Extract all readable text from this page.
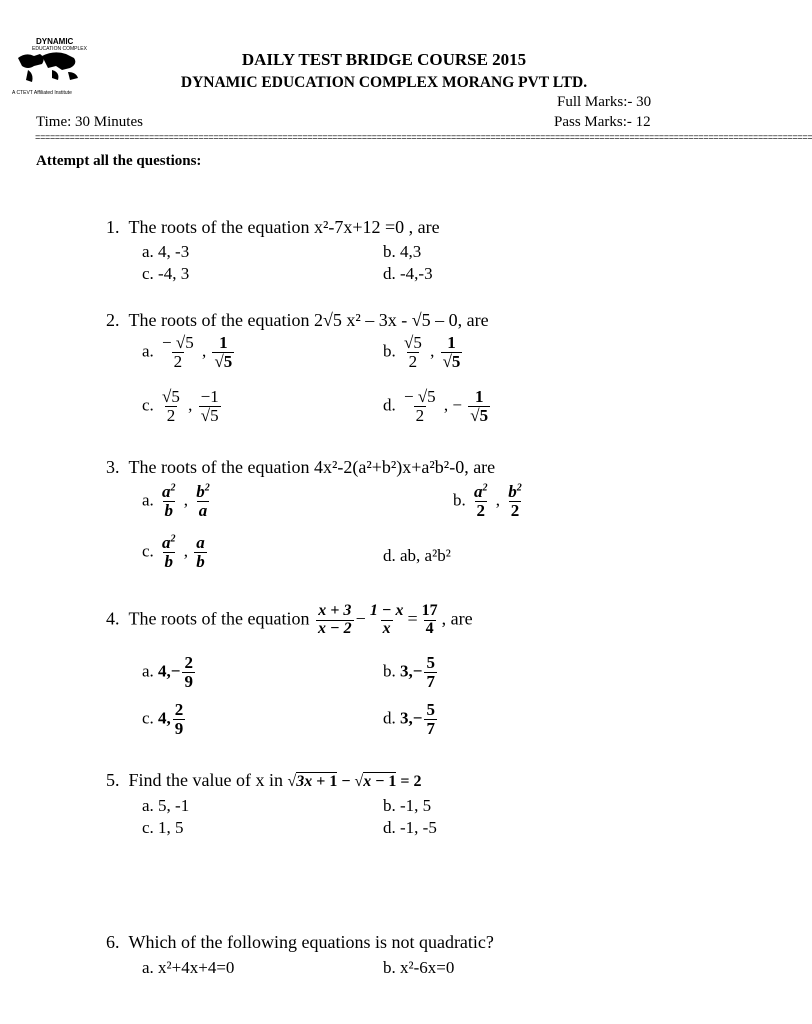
DYNAMIC
EDUCATION COMPLEX
A CTEVT Affiliated Institute
DAILY TEST BRIDGE COURSE 2015
DYNAMIC EDUCATION COMPLEX MORANG PVT LTD.
Full Marks:- 30
Time: 30 Minutes	Pass Marks:- 12
=============================================================================================================================================================
Attempt all the questions:
1. The roots of the equation x²-7x+12 =0 , are
a. 4, -3	b. 4,3
c. -4, 3	d. -4,-3
2. The roots of the equation 2√5 x² – 3x - √5 – 0, are
a. $\frac{- √5}{2}$ , $\frac{1}{√5}$	b. $\frac{√5}{2}$ , $\frac{1}{√5}$
c. $\frac{√5}{2}$ , $\frac{-1}{√5}$	d. $\frac{- √5}{2}$ , − $\frac{1}{√5}$
3. The roots of the equation 4x²-2(a²+b²)x+a²b²-0, are
a. $\frac{a^2}{b}$ , $\frac{b^2}{a}$	b. $\frac{a^2}{2}$ , $\frac{b^2}{2}$
c. $\frac{a^2}{b}$ , $\frac{a}{b}$	d. ab, a²b²
4. The roots of the equation $\frac{x + 3}{x - 2} - \frac{1 - x}{x} = \frac{17}{4}$ , are
a. $4,- \frac{2}{9}$	b. $3,- \frac{5}{7}$
c. 4, $\frac{2}{9}$	d. $3,- \frac{5}{7}$
5. Find the value of x in √3x + 1 − √x − 1 = 2
a. 5, -1	b. -1, 5
c. 1, 5	d. -1, -5
6. Which of the following equations is not quadratic?
a. x²+4x+4=0	b. x²-6x=0
